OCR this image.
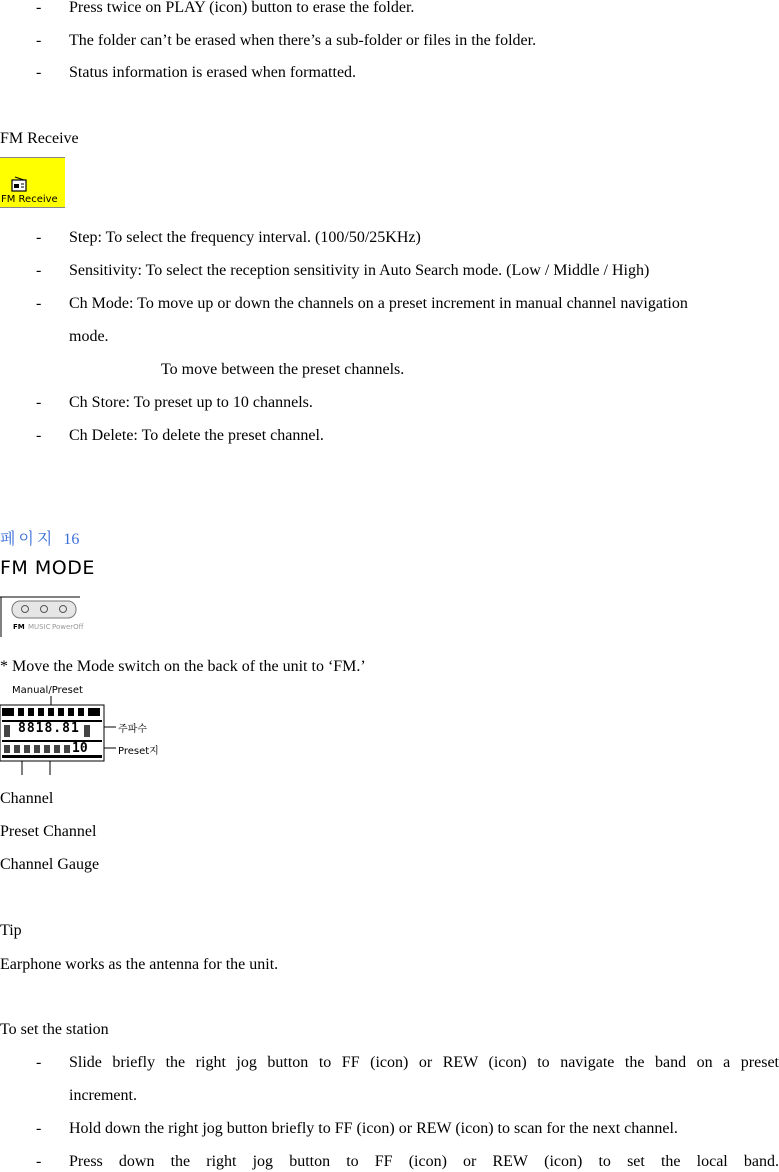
- Press twice on PLAY (icon) button to erase the folder.
- The folder can’t be erased when there’s a sub-folder or files in the folder.
- Status information is erased when formatted.
FM Receive
FM Receive
- Step: To select the frequency interval. (100/50/25KHz)
- Sensitivity: To select the reception sensitivity in Auto Search mode. (Low / Middle / High)
- Ch Mode: To move up or down the channels on a preset increment in manual channel navigation
mode.
To move between the preset channels.
- Ch Store: To preset up to 10 channels.
- Ch Delete: To delete the preset channel.
페이지 16
FM MODE
FM MUSIC PowerOff
* Move the Mode switch on the back of the unit to ‘FM.’
Manual/Preset
8818.81
10
주파수
Preset지
Channel
Preset Channel
Channel Gauge
Tip
Earphone works as the antenna for the unit.
To set the station
- Slide briefly the right jog button to FF (icon) or REW (icon) to navigate the band on a preset
increment.
- Hold down the right jog button briefly to FF (icon) or REW (icon) to scan for the next channel.
- Press down the right jog button to FF (icon) or REW (icon) to set the local band.
